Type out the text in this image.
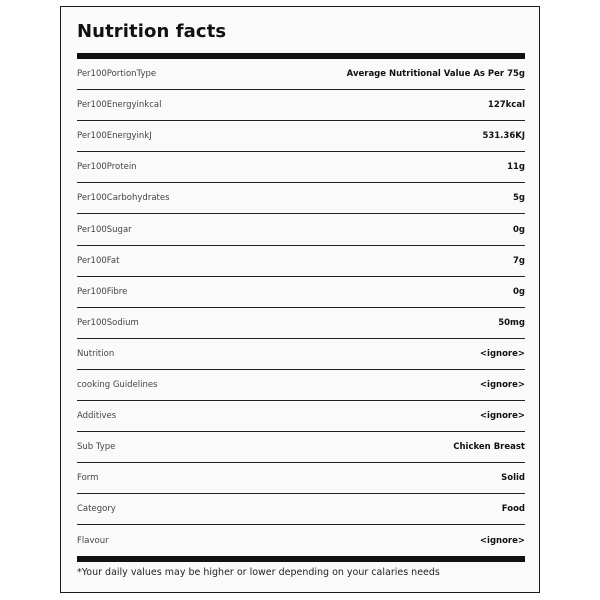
Nutrition facts
Per100PortionType	Average Nutritional Value As Per 75g
Per100Energyinkcal	127kcal
Per100EnergyinkJ	531.36KJ
Per100Protein	11g
Per100Carbohydrates	5g
Per100Sugar	0g
Per100Fat	7g
Per100Fibre	0g
Per100Sodium	50mg
Nutrition	<ignore>
cooking Guidelines	<ignore>
Additives	<ignore>
Sub Type	Chicken Breast
Form	Solid
Category	Food
Flavour	<ignore>
*Your daily values may be higher or lower depending on your calaries needs
